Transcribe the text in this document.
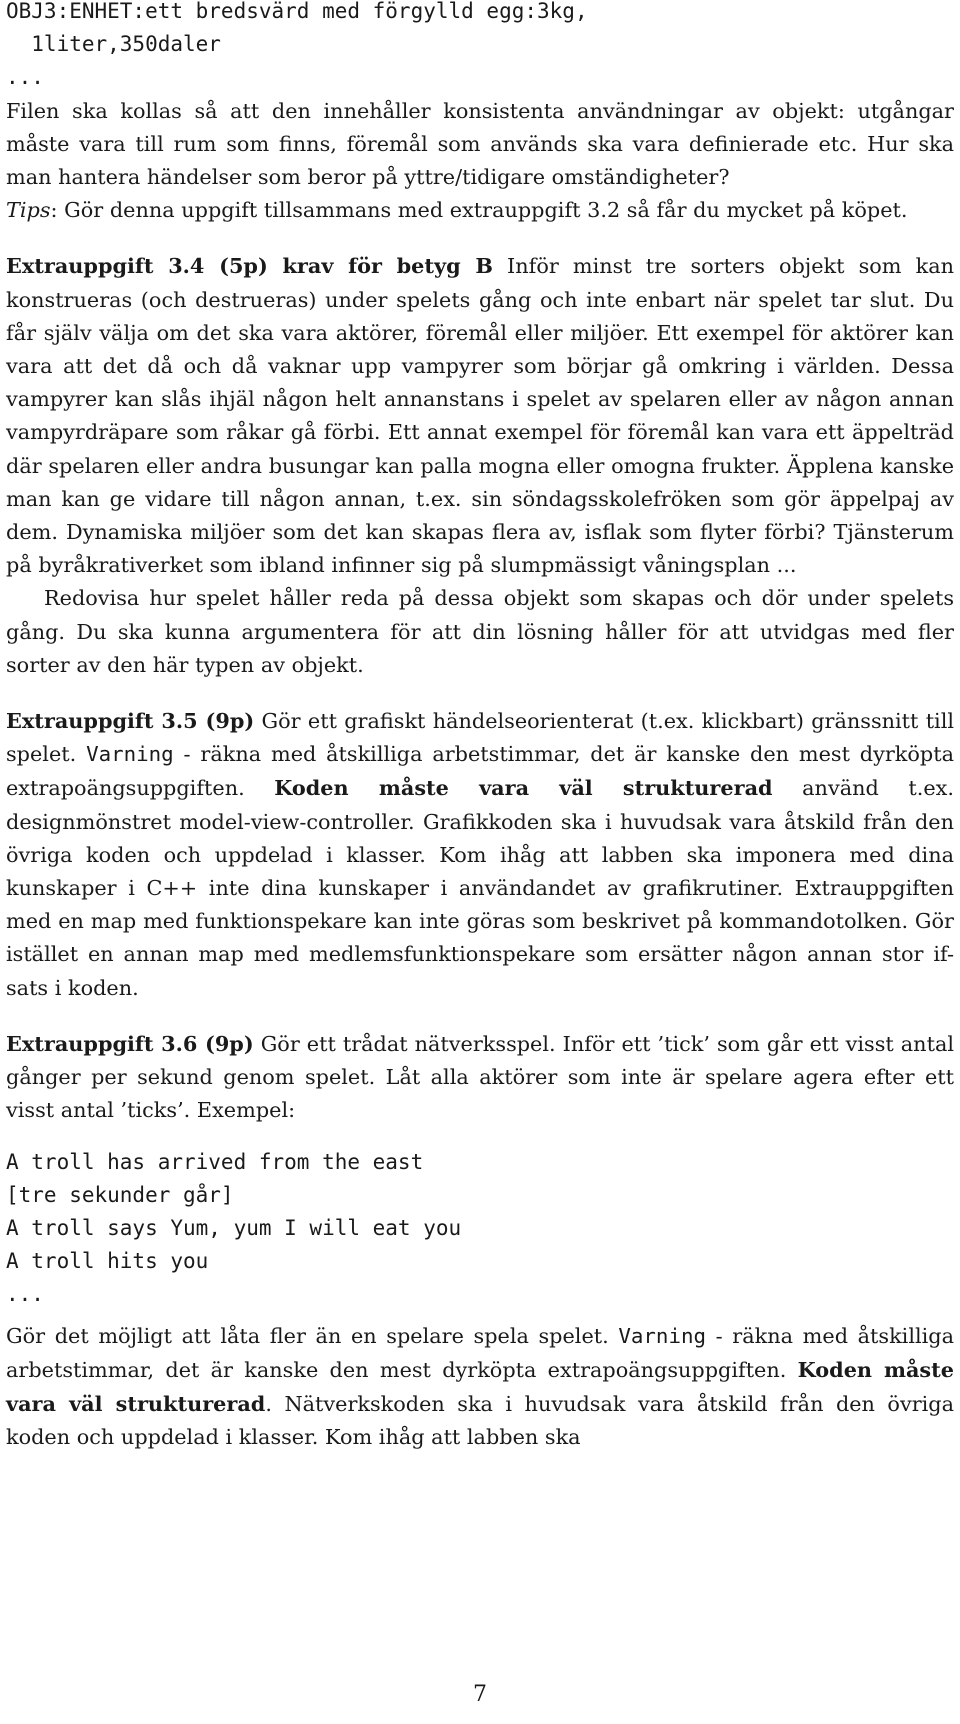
OBJ3:ENHET:ett bredsvärd med förgylld egg:3kg,
1liter,350daler
...

Filen ska kollas så att den innehåller konsistenta användningar av objekt: utgångar måste vara till rum som finns, föremål som används ska vara definierade etc. Hur ska man hantera händelser som beror på yttre/tidigare omständigheter?

Tips: Gör denna uppgift tillsammans med extrauppgift 3.2 så får du mycket på köpet.

Extrauppgift 3.4 (5p) krav för betyg B Inför minst tre sorters objekt som kan konstrueras (och destrueras) under spelets gång och inte enbart när spelet tar slut. Du får själv välja om det ska vara aktörer, föremål eller miljöer. Ett exempel för aktörer kan vara att det då och då vaknar upp vampyrer som börjar gå omkring i världen. Dessa vampyrer kan slås ihjäl någon helt annanstans i spelet av spelaren eller av någon annan vampyrdräpare som råkar gå förbi. Ett annat exempel för föremål kan vara ett äppelträd där spelaren eller andra busungar kan palla mogna eller omogna frukter. Äpplena kanske man kan ge vidare till någon annan, t.ex. sin söndagsskolefröken som gör äppelpaj av dem. Dynamiska miljöer som det kan skapas flera av, isflak som flyter förbi? Tjänsterum på byråkrativerket som ibland infinner sig på slumpmässigt våningsplan ...

Redovisa hur spelet håller reda på dessa objekt som skapas och dör under spelets gång. Du ska kunna argumentera för att din lösning håller för att utvidgas med fler sorter av den här typen av objekt.

Extrauppgift 3.5 (9p) Gör ett grafiskt händelseorienterat (t.ex. klickbart) gränssnitt till spelet. Varning - räkna med åtskilliga arbetstimmar, det är kanske den mest dyrköpta extrapoängsuppgiften. Koden måste vara väl strukturerad använd t.ex. designmönstret model-view-controller. Grafikkoden ska i huvudsak vara åtskild från den övriga koden och uppdelad i klasser. Kom ihåg att labben ska imponera med dina kunskaper i C++ inte dina kunskaper i användandet av grafikrutiner. Extrauppgiften med en map med funktionspekare kan inte göras som beskrivet på kommandotolken. Gör istället en annan map med medlemsfunktionspekare som ersätter någon annan stor if-sats i koden.

Extrauppgift 3.6 (9p) Gör ett trådat nätverksspel. Inför ett ’tick’ som går ett visst antal gånger per sekund genom spelet. Låt alla aktörer som inte är spelare agera efter ett visst antal ’ticks’. Exempel:

A troll has arrived from the east
[tre sekunder går]
A troll says Yum, yum I will eat you
A troll hits you
...

Gör det möjligt att låta fler än en spelare spela spelet. Varning - räkna med åtskilliga arbetstimmar, det är kanske den mest dyrköpta extrapoängsuppgiften. Koden måste vara väl strukturerad. Nätverkskoden ska i huvudsak vara åtskild från den övriga koden och uppdelad i klasser. Kom ihåg att labben ska

7
